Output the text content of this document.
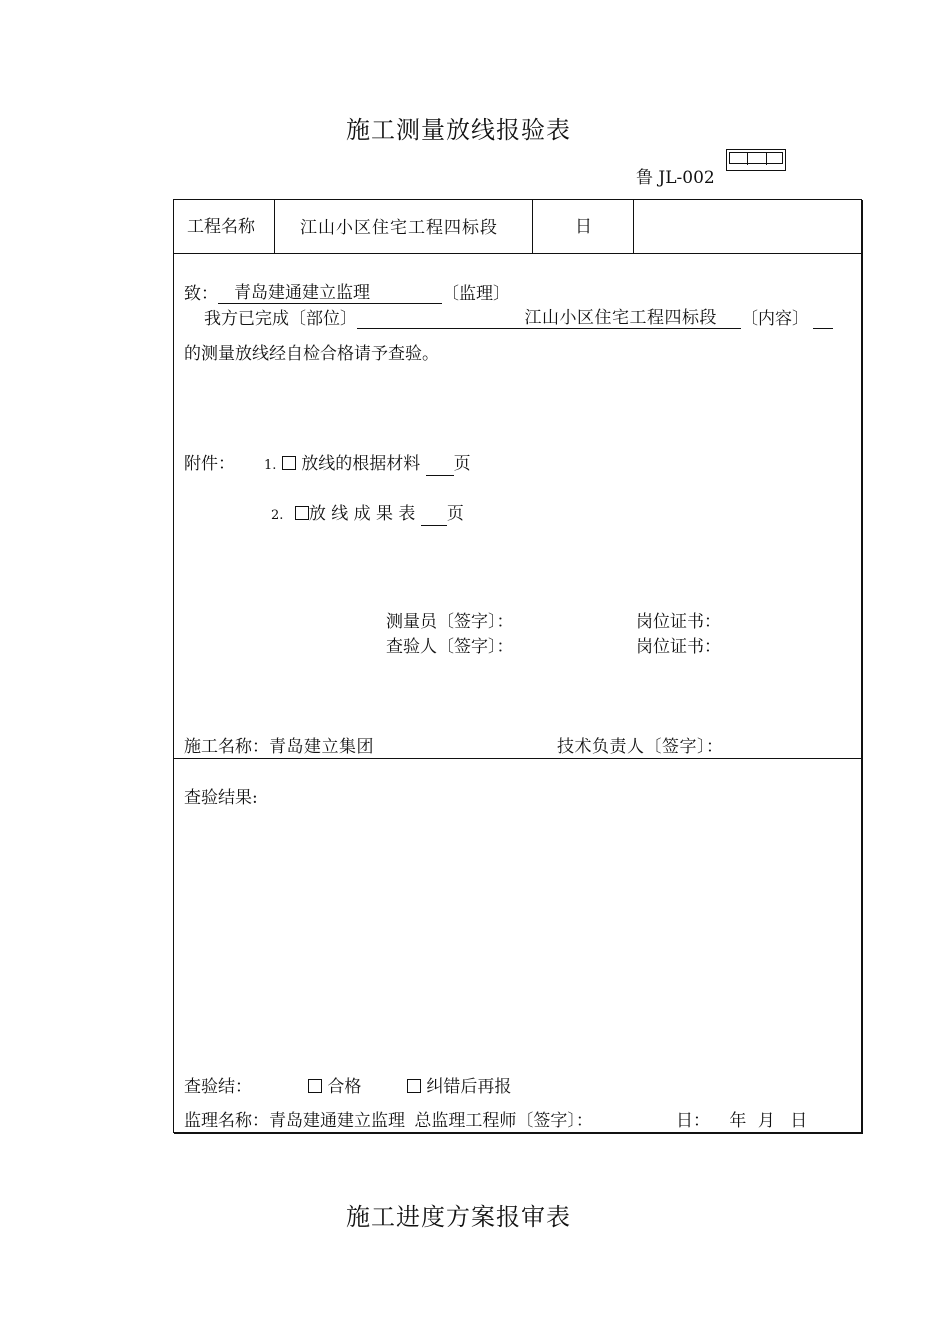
施工测量放线报验表
鲁 JL-002
工程名称	江山小区住宅工程四标段	日
致： 青岛建通建立监理	〔监理〕
我方已完成〔部位〕	江山小区住宅工程四标段 〔内容〕
的测量放线经自检合格请予查验。
附件： 1. 放线的根据材料 页
2. 放 线 成 果 表 页
测量员〔签字〕：	岗位证书：
查验人〔签字〕：	岗位证书：
施工名称：青岛建立集团	技术负责人〔签字〕：
查验结果:
查验结：	合格	纠错后再报
监理名称：青岛建通建立监理 总监理工程师〔签字〕：	日： 年 月 日
施工进度方案报审表
